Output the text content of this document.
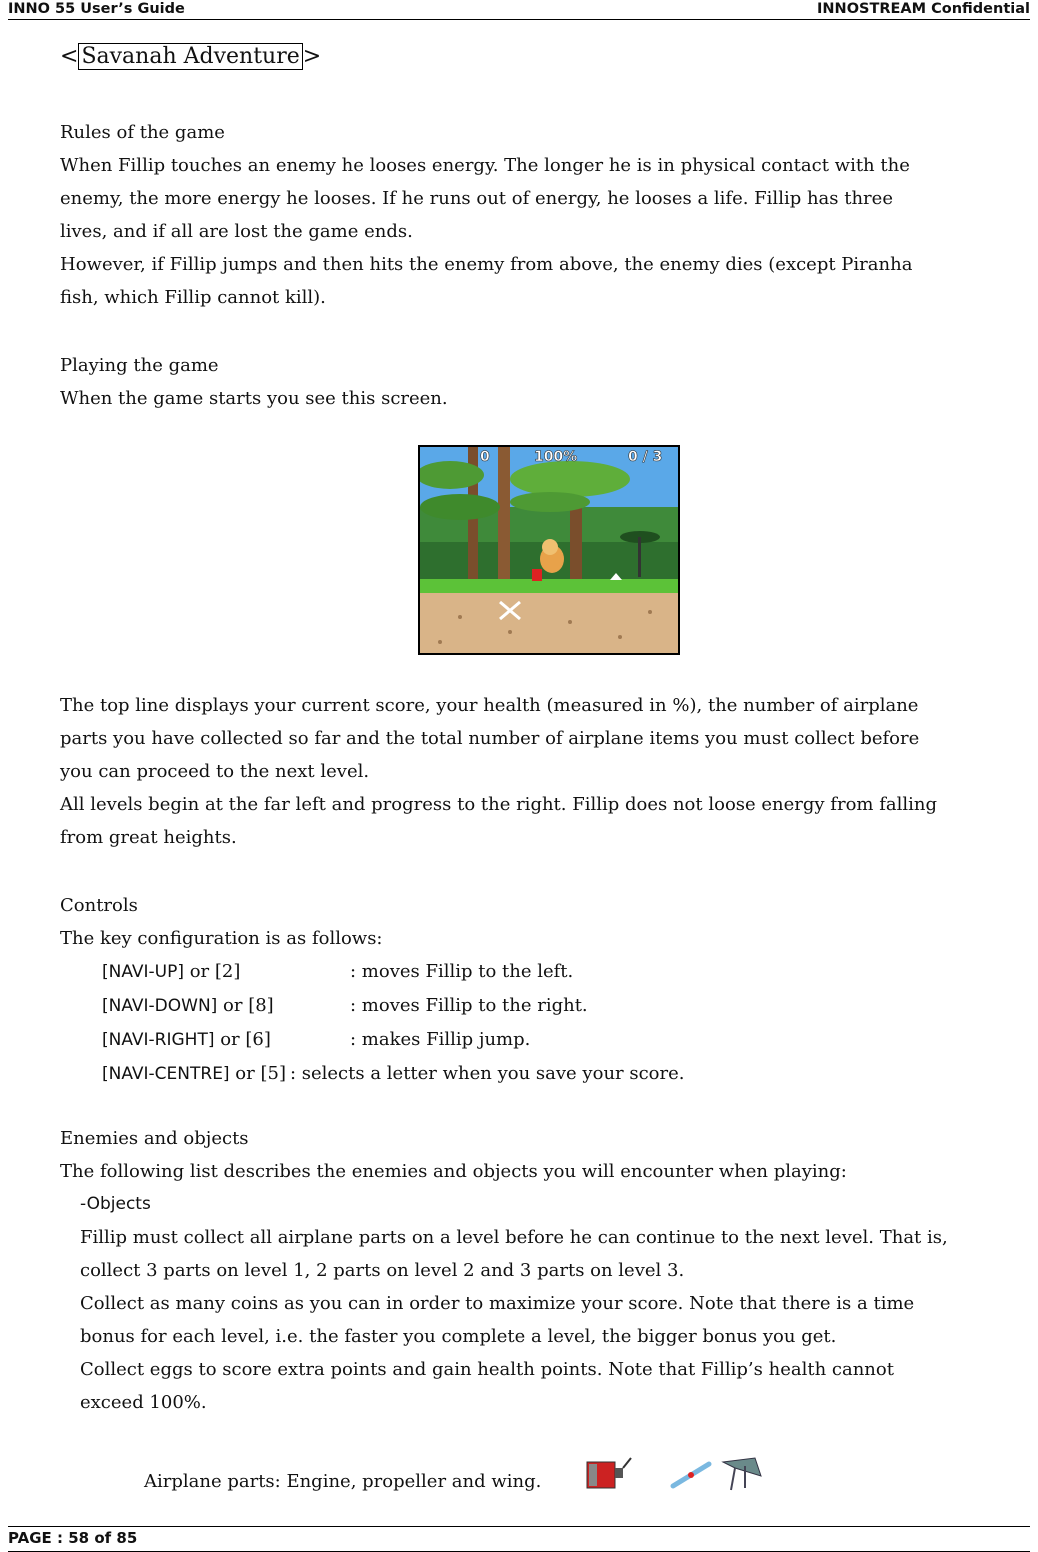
INNO 55 User’s Guide	INNOSTREAM Confidential
< Savanah Adventure >

Rules of the game

When Fillip touches an enemy he looses energy. The longer he is in physical contact with the

enemy, the more energy he looses. If he runs out of energy, he looses a life. Fillip has three

lives, and if all are lost the game ends.

However, if Fillip jumps and then hits the enemy from above, the enemy dies (except Piranha

fish, which Fillip cannot kill).

Playing the game

When the game starts you see this screen.

0	100%	0 / 3

The top line displays your current score, your health (measured in %), the number of airplane

parts you have collected so far and the total number of airplane items you must collect before

you can proceed to the next level.

All levels begin at the far left and progress to the right. Fillip does not loose energy from falling

from great heights.

Controls

The key configuration is as follows:

[NAVI-UP] or [2]	: moves Fillip to the left.
[NAVI-DOWN] or [8]	: moves Fillip to the right.
[NAVI-RIGHT] or [6]	: makes Fillip jump.
[NAVI-CENTRE] or [5] : selects a letter when you save your score.

Enemies and objects

The following list describes the enemies and objects you will encounter when playing:

-Objects

Fillip must collect all airplane parts on a level before he can continue to the next level. That is,

collect 3 parts on level 1, 2 parts on level 2 and 3 parts on level 3.

Collect as many coins as you can in order to maximize your score. Note that there is a time

bonus for each level, i.e. the faster you complete a level, the bigger bonus you get.

Collect eggs to score extra points and gain health points. Note that Fillip’s health cannot

exceed 100%.

Airplane parts: Engine, propeller and wing.
PAGE : 58 of 85
